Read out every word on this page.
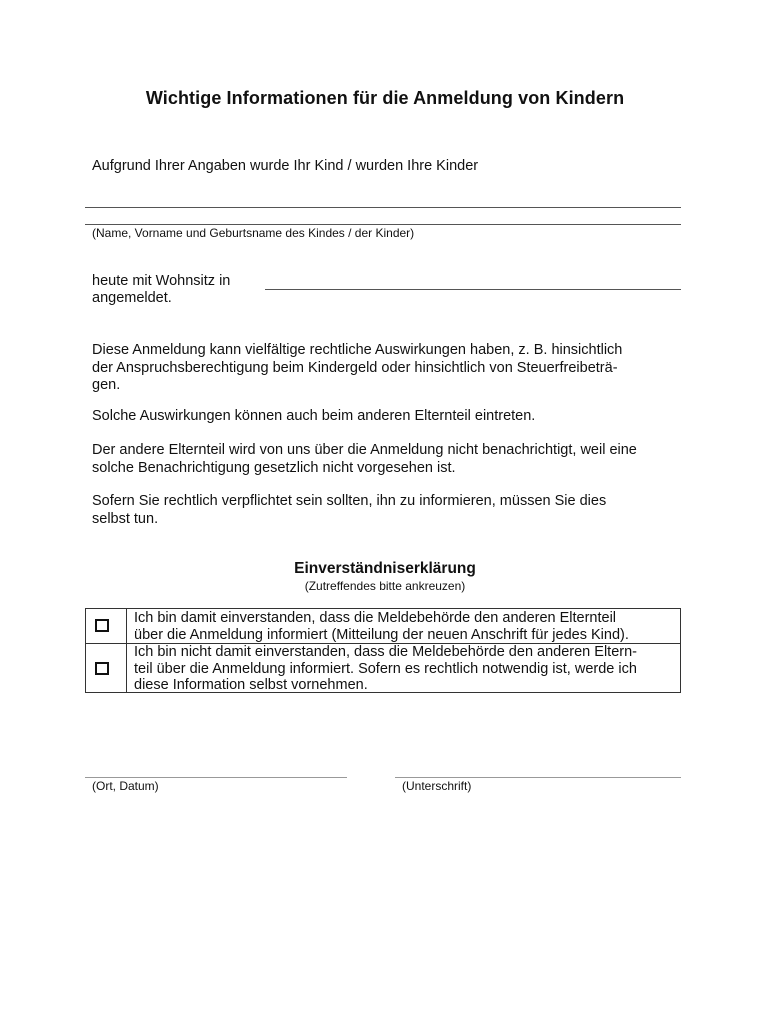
Wichtige Informationen für die Anmeldung von Kindern
Aufgrund Ihrer Angaben wurde Ihr Kind / wurden Ihre Kinder
(Name, Vorname und Geburtsname des Kindes / der Kinder)
heute mit Wohnsitz in
angemeldet.
Diese Anmeldung kann vielfältige rechtliche Auswirkungen haben, z. B. hinsichtlich
der Anspruchsberechtigung beim Kindergeld oder hinsichtlich von Steuerfreibeträ-
gen.
Solche Auswirkungen können auch beim anderen Elternteil eintreten.
Der andere Elternteil wird von uns über die Anmeldung nicht benachrichtigt, weil eine
solche Benachrichtigung gesetzlich nicht vorgesehen ist.
Sofern Sie rechtlich verpflichtet sein sollten, ihn zu informieren, müssen Sie dies
selbst tun.
Einverständniserklärung
(Zutreffendes bitte ankreuzen)
Ich bin damit einverstanden, dass die Meldebehörde den anderen Elternteil
über die Anmeldung informiert (Mitteilung der neuen Anschrift für jedes Kind).
Ich bin nicht damit einverstanden, dass die Meldebehörde den anderen Eltern-
teil über die Anmeldung informiert. Sofern es rechtlich notwendig ist, werde ich
diese Information selbst vornehmen.
(Ort, Datum)	(Unterschrift)
